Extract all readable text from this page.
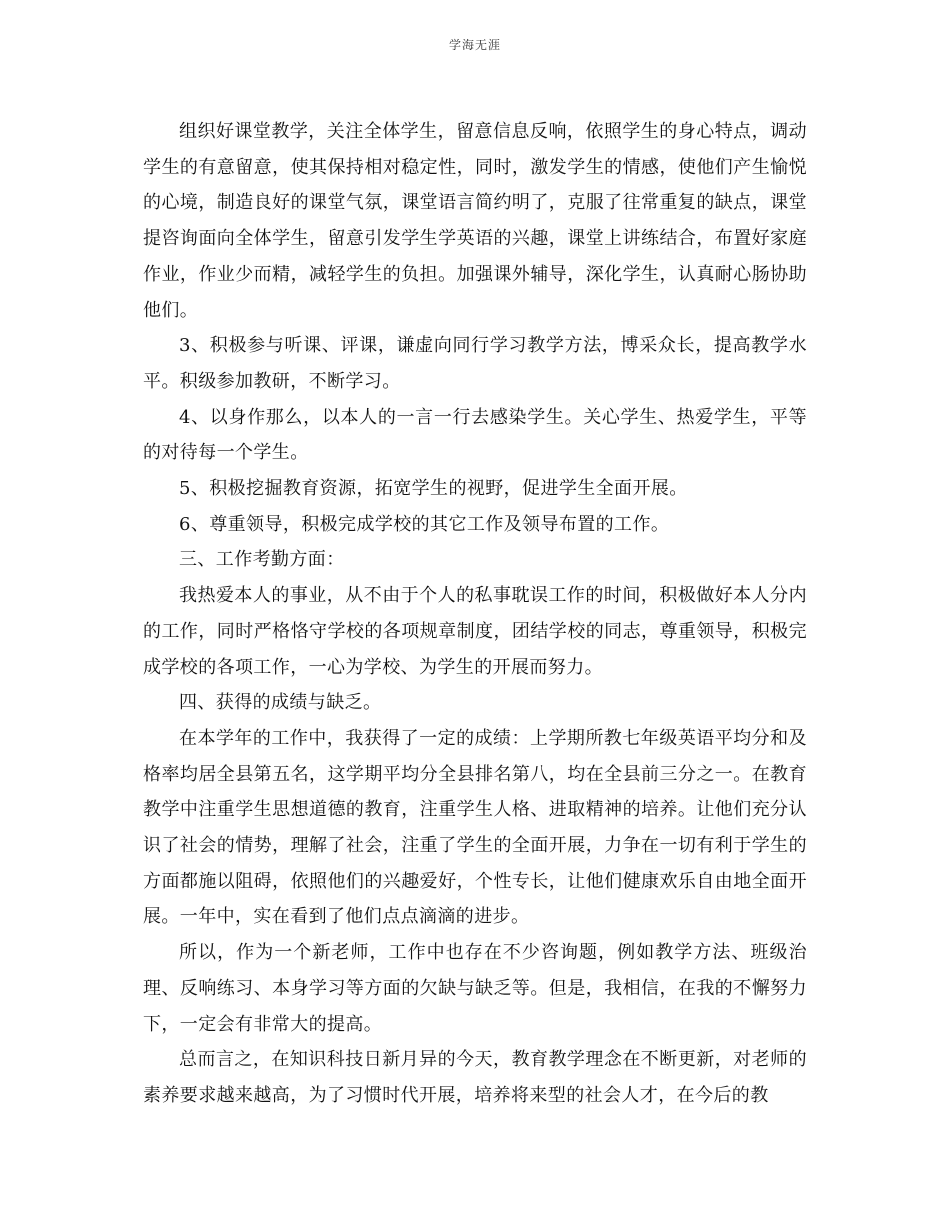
学海无涯

组织好课堂教学，关注全体学生，留意信息反响，依照学生的身心特点，调动学生的有意留意，使其保持相对稳定性，同时，激发学生的情感，使他们产生愉悦的心境，制造良好的课堂气氛，课堂语言简约明了，克服了往常重复的缺点，课堂提咨询面向全体学生，留意引发学生学英语的兴趣，课堂上讲练结合，布置好家庭作业，作业少而精，减轻学生的负担。加强课外辅导，深化学生，认真耐心肠协助他们。

3、积极参与听课、评课，谦虚向同行学习教学方法，博采众长，提高教学水平。积级参加教研，不断学习。

4、以身作那么，以本人的一言一行去感染学生。关心学生、热爱学生，平等的对待每一个学生。

5、积极挖掘教育资源，拓宽学生的视野，促进学生全面开展。

6、尊重领导，积极完成学校的其它工作及领导布置的工作。

三、工作考勤方面：

我热爱本人的事业，从不由于个人的私事耽误工作的时间，积极做好本人分内的工作，同时严格恪守学校的各项规章制度，团结学校的同志，尊重领导，积极完成学校的各项工作，一心为学校、为学生的开展而努力。

四、获得的成绩与缺乏。

在本学年的工作中，我获得了一定的成绩：上学期所教七年级英语平均分和及格率均居全县第五名，这学期平均分全县排名第八，均在全县前三分之一。在教育教学中注重学生思想道德的教育，注重学生人格、进取精神的培养。让他们充分认识了社会的情势，理解了社会，注重了学生的全面开展，力争在一切有利于学生的方面都施以阻碍，依照他们的兴趣爱好，个性专长，让他们健康欢乐自由地全面开展。一年中，实在看到了他们点点滴滴的进步。

所以，作为一个新老师，工作中也存在不少咨询题，例如教学方法、班级治理、反响练习、本身学习等方面的欠缺与缺乏等。但是，我相信，在我的不懈努力下，一定会有非常大的提高。

总而言之，在知识科技日新月异的今天，教育教学理念在不断更新，对老师的素养要求越来越高，为了习惯时代开展，培养将来型的社会人才，在今后的教
